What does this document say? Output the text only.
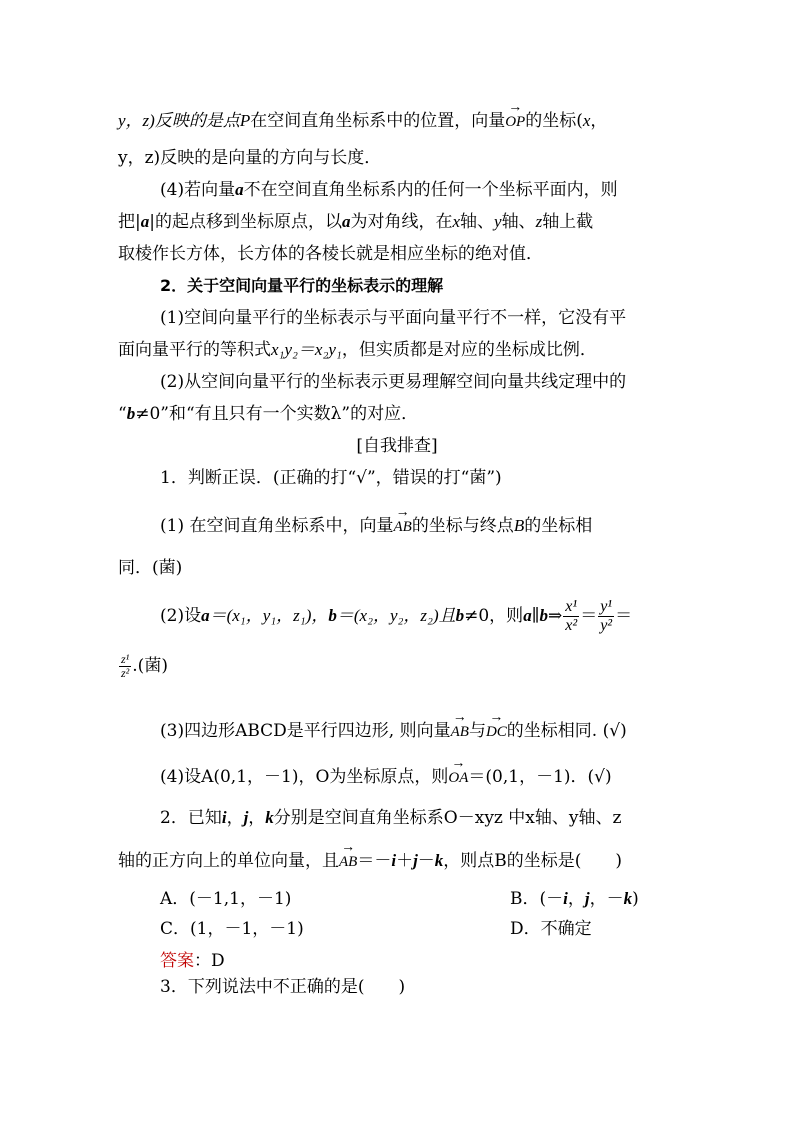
y，z)反映的是点P在空间直角坐标系中的位置，向量→ OP的坐标(x，
y，z)反映的是向量的方向与长度．
(4)若向量a不在空间直角坐标系内的任何一个坐标平面内，则
把|a|的起点移到坐标原点，以a为对角线，在x轴、y轴、z轴上截
取棱作长方体，长方体的各棱长就是相应坐标的绝对值．
2．关于空间向量平行的坐标表示的理解
(1)空间向量平行的坐标表示与平面向量平行不一样，它没有平
面向量平行的等积式x₁y₂＝x₂y₁，但实质都是对应的坐标成比例．
(2)从空间向量平行的坐标表示更易理解空间向量共线定理中的
“b≠0”和“有且只有一个实数λ”的对应．
[自我排查]
1．判断正误．(正确的打“√”，错误的打“菌”)
(1) 在空间直角坐标系中，向量→ AB的坐标与终点B的坐标相
同．(菌)
(2)设a＝(x₁，y₁，z₁)，b＝(x₂，y₂，z₂)且b≠0，则a∥b⇒ $\frac{\text{x¹}}{\text{x²}} = \frac{\text{y¹}}{\text{y²}}$ ＝
$\frac{\text{z¹}}{\text{z²}}$ .(菌)
(3)四边形ABCD是平行四边形, 则向量→ AB与→ DC的坐标相同. (√)
(4)设A(0,1，－1)，O为坐标原点，则→ OA＝(0,1，－1)．(√)
2．已知i，j，k分别是空间直角坐标系O－xyz 中x轴、y轴、z
轴的正方向上的单位向量，且→ AB＝－i＋j－k，则点B的坐标是(　　)
A．(－1,1，－1)	B．(－i，j，－k)
C．(1，－1，－1)	D．不确定
答案：D
3．下列说法中不正确的是(　　)
